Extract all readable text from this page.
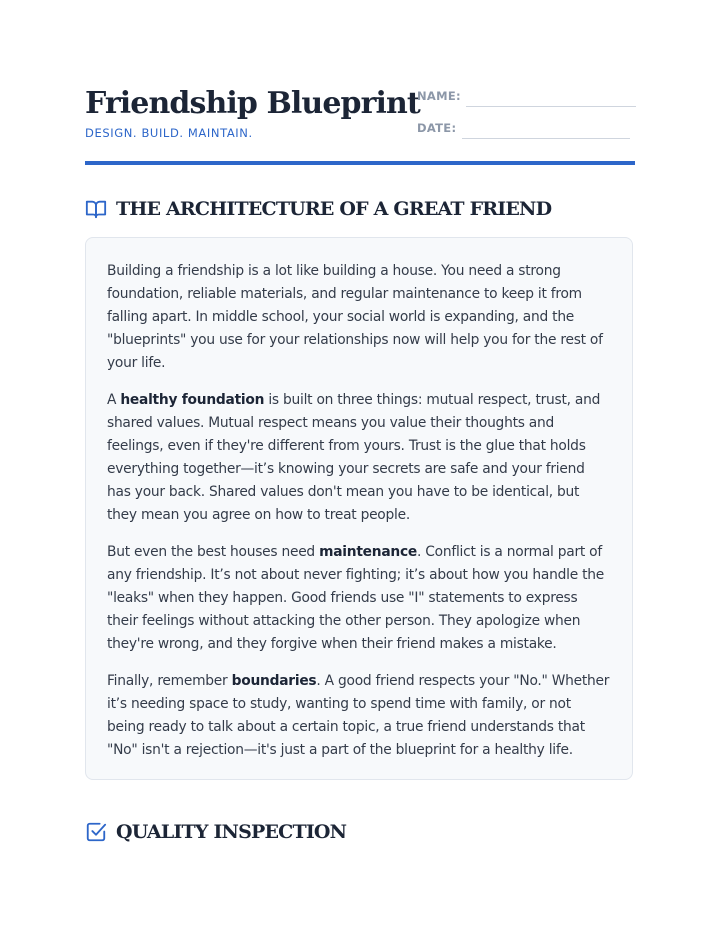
Friendship Blueprint
DESIGN. BUILD. MAINTAIN.
NAME:
DATE:
THE ARCHITECTURE OF A GREAT FRIEND

Building a friendship is a lot like building a house. You need a strong foundation, reliable materials, and regular maintenance to keep it from falling apart. In middle school, your social world is expanding, and the "blueprints" you use for your relationships now will help you for the rest of your life.

A healthy foundation is built on three things: mutual respect, trust, and shared values. Mutual respect means you value their thoughts and feelings, even if they're different from yours. Trust is the glue that holds everything together—it’s knowing your secrets are safe and your friend has your back. Shared values don't mean you have to be identical, but they mean you agree on how to treat people.

But even the best houses need maintenance. Conflict is a normal part of any friendship. It’s not about never fighting; it’s about how you handle the "leaks" when they happen. Good friends use "I" statements to express their feelings without attacking the other person. They apologize when they're wrong, and they forgive when their friend makes a mistake.

Finally, remember boundaries. A good friend respects your "No." Whether it’s needing space to study, wanting to spend time with family, or not being ready to talk about a certain topic, a true friend understands that "No" isn't a rejection—it's just a part of the blueprint for a healthy life.

QUALITY INSPECTION
